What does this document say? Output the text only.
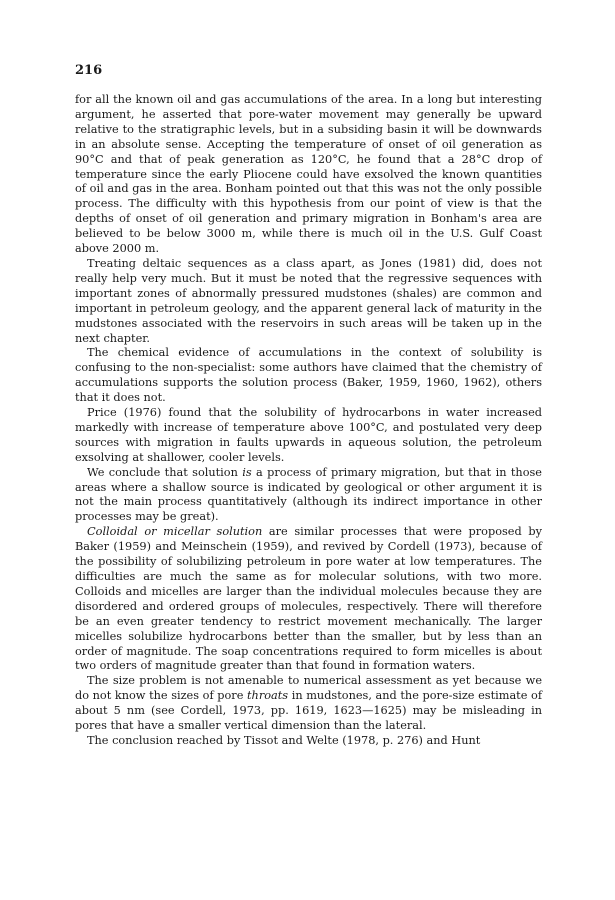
216

for all the known oil and gas accumulations of the area. In a long but interesting argument, he asserted that pore-water movement may generally be upward relative to the stratigraphic levels, but in a subsiding basin it will be downwards in an absolute sense. Accepting the temperature of onset of oil generation as 90°C and that of peak generation as 120°C, he found that a 28°C drop of temperature since the early Pliocene could have exsolved the known quantities of oil and gas in the area. Bonham pointed out that this was not the only possible process. The difficulty with this hypothesis from our point of view is that the depths of onset of oil generation and primary migration in Bonham's area are believed to be below 3000 m, while there is much oil in the U.S. Gulf Coast above 2000 m.

Treating deltaic sequences as a class apart, as Jones (1981) did, does not really help very much. But it must be noted that the regressive sequences with important zones of abnormally pressured mudstones (shales) are common and important in petroleum geology, and the apparent general lack of maturity in the mudstones associated with the reservoirs in such areas will be taken up in the next chapter.

The chemical evidence of accumulations in the context of solubility is confusing to the non-specialist: some authors have claimed that the chemistry of accumulations supports the solution process (Baker, 1959, 1960, 1962), others that it does not.

Price (1976) found that the solubility of hydrocarbons in water increased markedly with increase of temperature above 100°C, and postulated very deep sources with migration in faults upwards in aqueous solution, the petroleum exsolving at shallower, cooler levels.

We conclude that solution is a process of primary migration, but that in those areas where a shallow source is indicated by geological or other argument it is not the main process quantitatively (although its indirect importance in other processes may be great).

Colloidal or micellar solution are similar processes that were proposed by Baker (1959) and Meinschein (1959), and revived by Cordell (1973), because of the possibility of solubilizing petroleum in pore water at low temperatures. The difficulties are much the same as for molecular solutions, with two more. Colloids and micelles are larger than the individual molecules because they are disordered and ordered groups of molecules, respectively. There will therefore be an even greater tendency to restrict movement mechanically. The larger micelles solubilize hydrocarbons better than the smaller, but by less than an order of magnitude. The soap concentrations required to form micelles is about two orders of magnitude greater than that found in formation waters.

The size problem is not amenable to numerical assessment as yet because we do not know the sizes of pore throats in mudstones, and the pore-size estimate of about 5 nm (see Cordell, 1973, pp. 1619, 1623—1625) may be misleading in pores that have a smaller vertical dimension than the lateral.

The conclusion reached by Tissot and Welte (1978, p. 276) and Hunt
